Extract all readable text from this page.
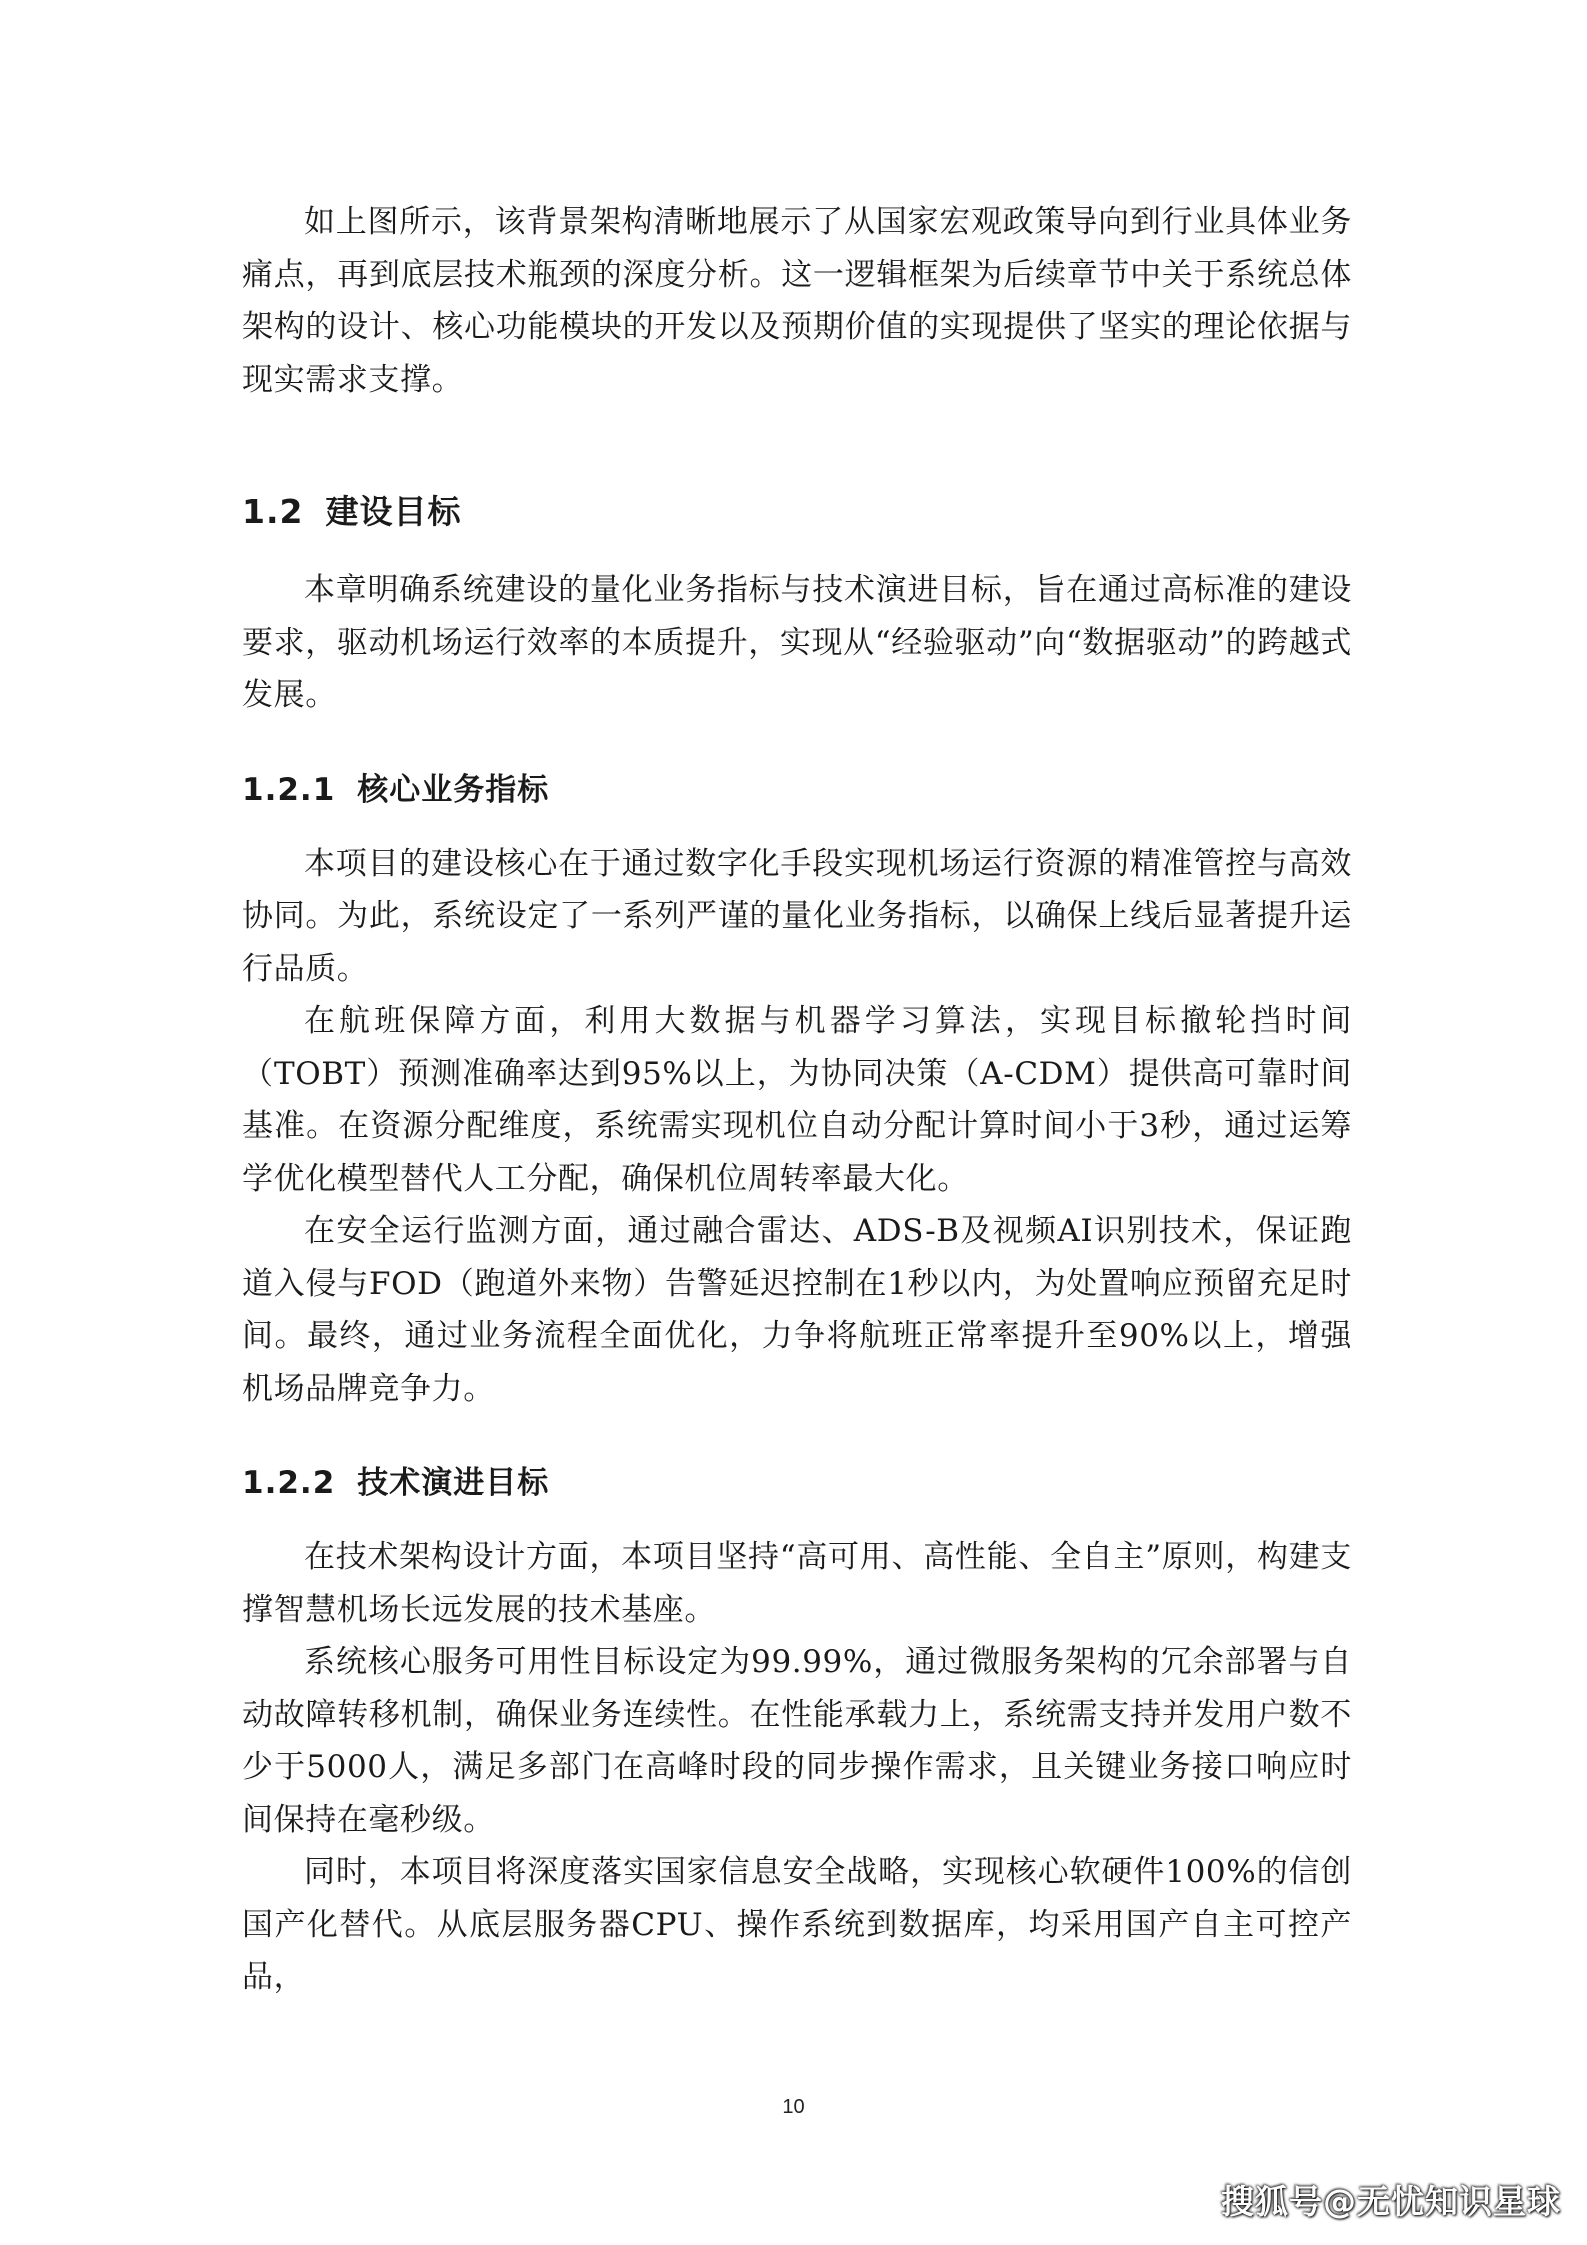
如上图所示，该背景架构清晰地展示了从国家宏观政策导向到行业具体业务痛点，再到底层技术瓶颈的深度分析。这一逻辑框架为后续章节中关于系统总体架构的设计、核心功能模块的开发以及预期价值的实现提供了坚实的理论依据与现实需求支撑。

1.2 建设目标

本章明确系统建设的量化业务指标与技术演进目标，旨在通过高标准的建设要求，驱动机场运行效率的本质提升，实现从“经验驱动”向“数据驱动”的跨越式发展。

1.2.1 核心业务指标

本项目的建设核心在于通过数字化手段实现机场运行资源的精准管控与高效协同。为此，系统设定了一系列严谨的量化业务指标，以确保上线后显著提升运行品质。

在航班保障方面，利用大数据与机器学习算法，实现目标撤轮挡时间（TOBT）预测准确率达到95%以上，为协同决策（A-CDM）提供高可靠时间基准。在资源分配维度，系统需实现机位自动分配计算时间小于3秒，通过运筹学优化模型替代人工分配，确保机位周转率最大化。

在安全运行监测方面，通过融合雷达、ADS-B及视频AI识别技术，保证跑道入侵与FOD（跑道外来物）告警延迟控制在1秒以内，为处置响应预留充足时间。最终，通过业务流程全面优化，力争将航班正常率提升至90%以上，增强机场品牌竞争力。

1.2.2 技术演进目标

在技术架构设计方面，本项目坚持“高可用、高性能、全自主”原则，构建支撑智慧机场长远发展的技术基座。

系统核心服务可用性目标设定为99.99%，通过微服务架构的冗余部署与自动故障转移机制，确保业务连续性。在性能承载力上，系统需支持并发用户数不少于5000人，满足多部门在高峰时段的同步操作需求，且关键业务接口响应时间保持在毫秒级。

同时，本项目将深度落实国家信息安全战略，实现核心软硬件100%的信创国产化替代。从底层服务器CPU、操作系统到数据库，均采用国产自主可控产品，

10
搜狐号@无忧知识星球
